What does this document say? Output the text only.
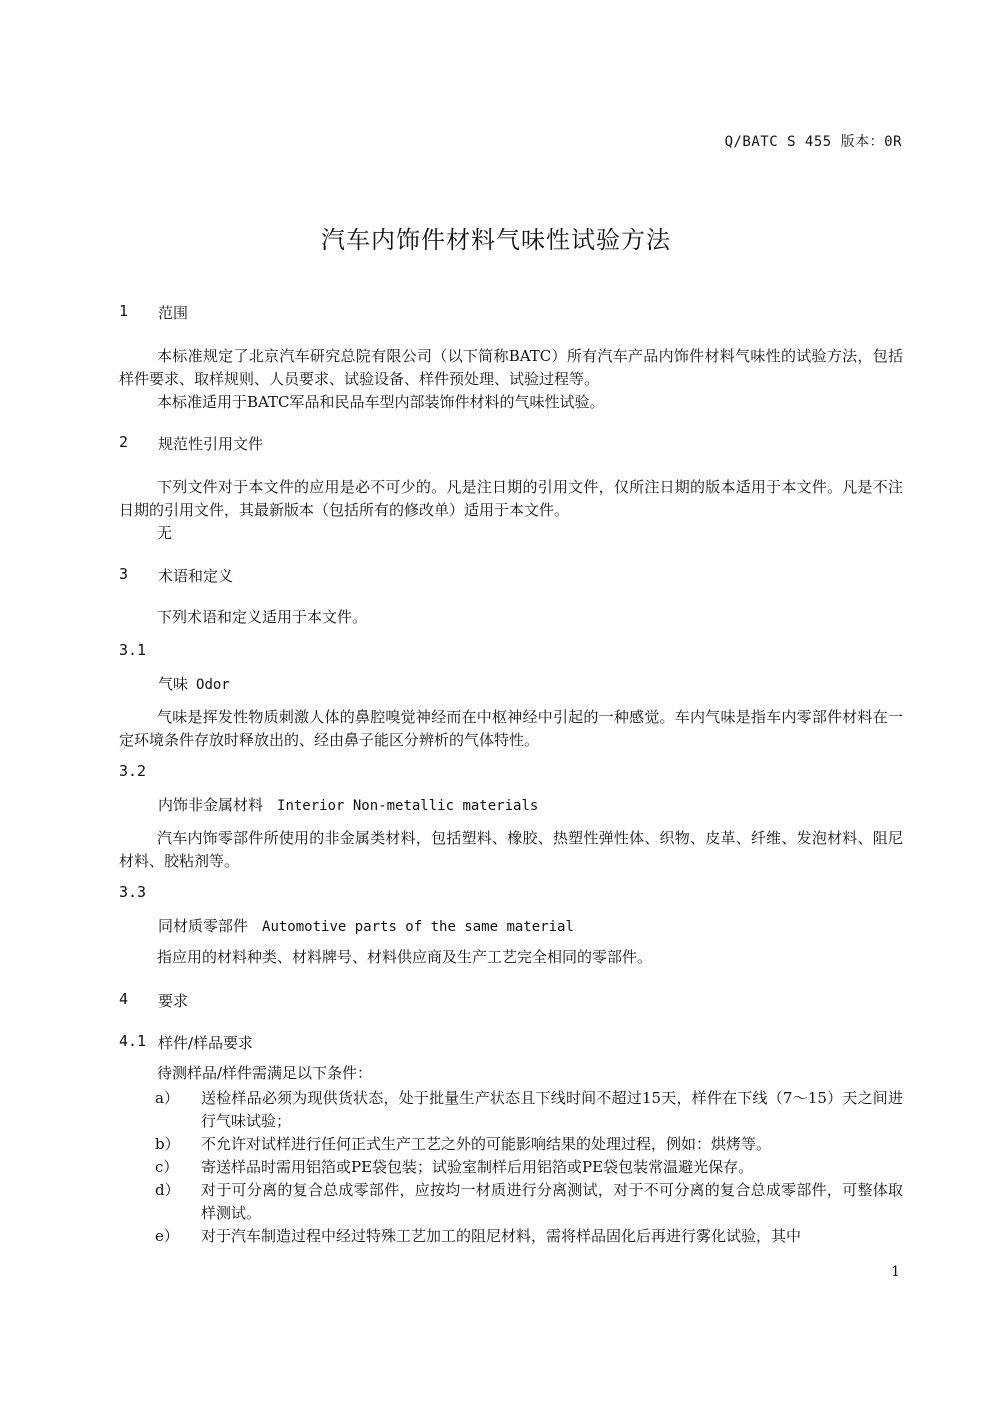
Q/BATC S 455 版本：0R
汽车内饰件材料气味性试验方法
1 范围
本标准规定了北京汽车研究总院有限公司（以下简称BATC）所有汽车产品内饰件材料气味性的试验方法，包括样件要求、取样规则、人员要求、试验设备、样件预处理、试验过程等。
本标准适用于BATC军品和民品车型内部装饰件材料的气味性试验。
2 规范性引用文件
下列文件对于本文件的应用是必不可少的。凡是注日期的引用文件，仅所注日期的版本适用于本文件。凡是不注日期的引用文件，其最新版本（包括所有的修改单）适用于本文件。
无
3 术语和定义
下列术语和定义适用于本文件。
3.1
气味 Odor
气味是挥发性物质刺激人体的鼻腔嗅觉神经而在中枢神经中引起的一种感觉。车内气味是指车内零部件材料在一定环境条件存放时释放出的、经由鼻子能区分辨析的气体特性。
3.2
内饰非金属材料 Interior Non-metallic materials
汽车内饰零部件所使用的非金属类材料，包括塑料、橡胶、热塑性弹性体、织物、皮革、纤维、发泡材料、阻尼材料、胶粘剂等。
3.3
同材质零部件 Automotive parts of the same material
指应用的材料种类、材料牌号、材料供应商及生产工艺完全相同的零部件。
4 要求
4.1 样件/样品要求
待测样品/样件需满足以下条件：
a） 送检样品必须为现供货状态，处于批量生产状态且下线时间不超过15天，样件在下线（7～15）天之间进行气味试验；
b） 不允许对试样进行任何正式生产工艺之外的可能影响结果的处理过程，例如：烘烤等。
c） 寄送样品时需用铝箔或PE袋包装；试验室制样后用铝箔或PE袋包装常温避光保存。
d） 对于可分离的复合总成零部件，应按均一材质进行分离测试，对于不可分离的复合总成零部件，可整体取样测试。
e） 对于汽车制造过程中经过特殊工艺加工的阻尼材料，需将样品固化后再进行雾化试验，其中
1
